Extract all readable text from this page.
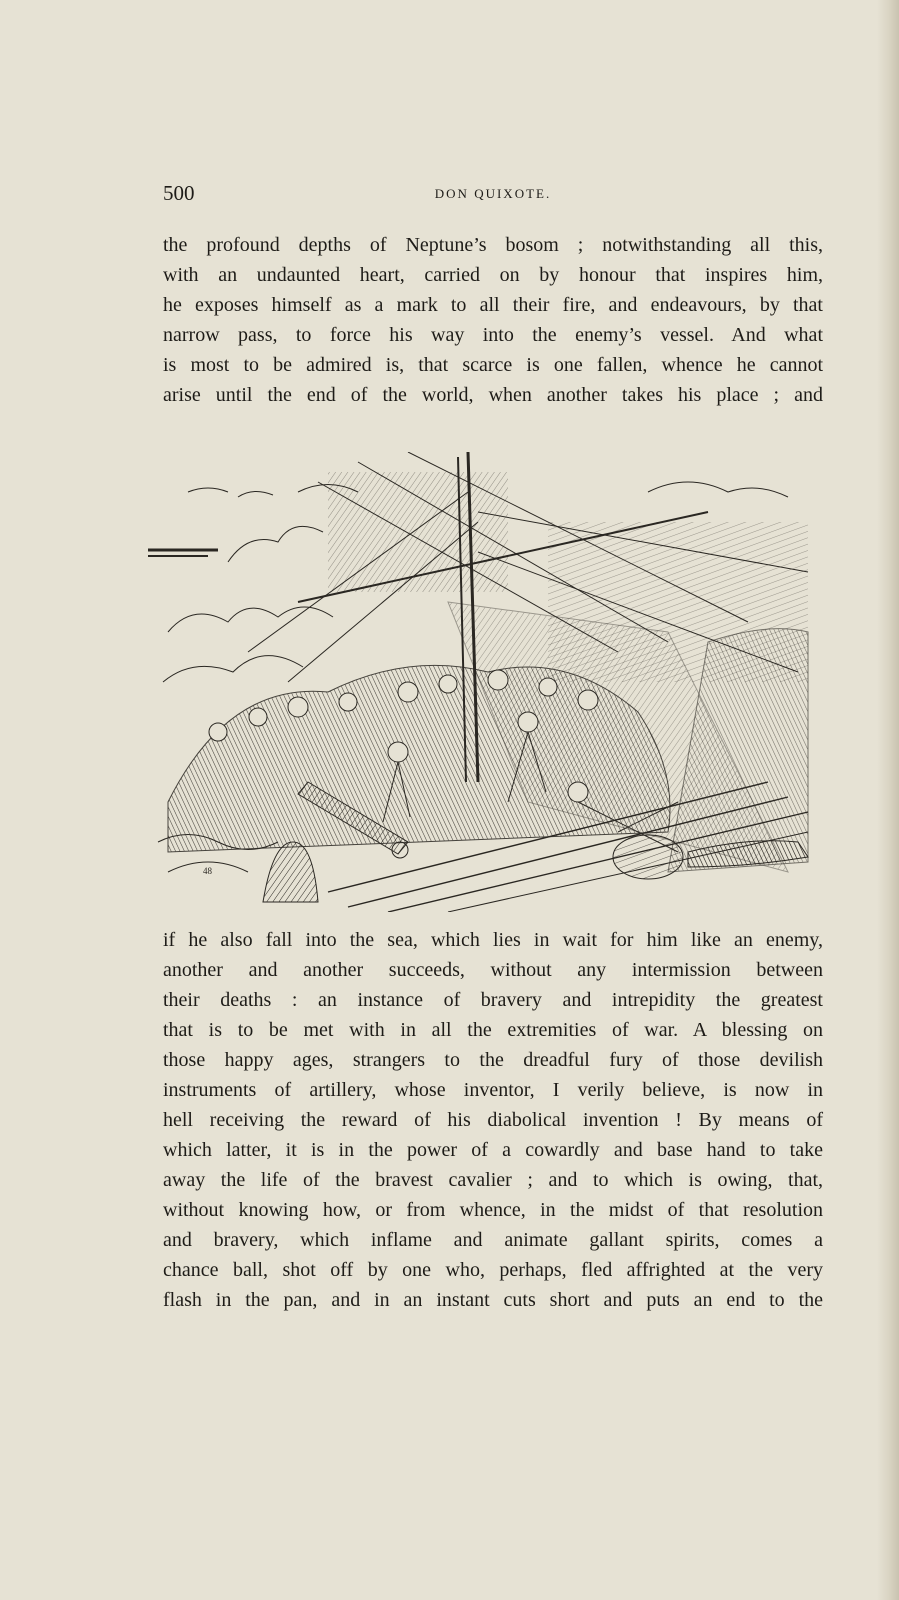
500	DON QUIXOTE.
the profound depths of Neptune’s bosom ; notwithstanding all this,
with an undaunted heart, carried on by honour that inspires him,
he exposes himself as a mark to all their fire, and endeavours, by that
narrow pass, to force his way into the enemy’s vessel. And what
is most to be admired is, that scarce is one fallen, whence he cannot
arise until the end of the world, when another takes his place ; and
48
if he also fall into the sea, which lies in wait for him like an enemy,
another and another succeeds, without any intermission between
their deaths : an instance of bravery and intrepidity the greatest
that is to be met with in all the extremities of war. A blessing on
those happy ages, strangers to the dreadful fury of those devilish
instruments of artillery, whose inventor, I verily believe, is now in
hell receiving the reward of his diabolical invention ! By means of
which latter, it is in the power of a cowardly and base hand to take
away the life of the bravest cavalier ; and to which is owing, that,
without knowing how, or from whence, in the midst of that resolution
and bravery, which inflame and animate gallant spirits, comes a
chance ball, shot off by one who, perhaps, fled affrighted at the very
flash in the pan, and in an instant cuts short and puts an end to the
